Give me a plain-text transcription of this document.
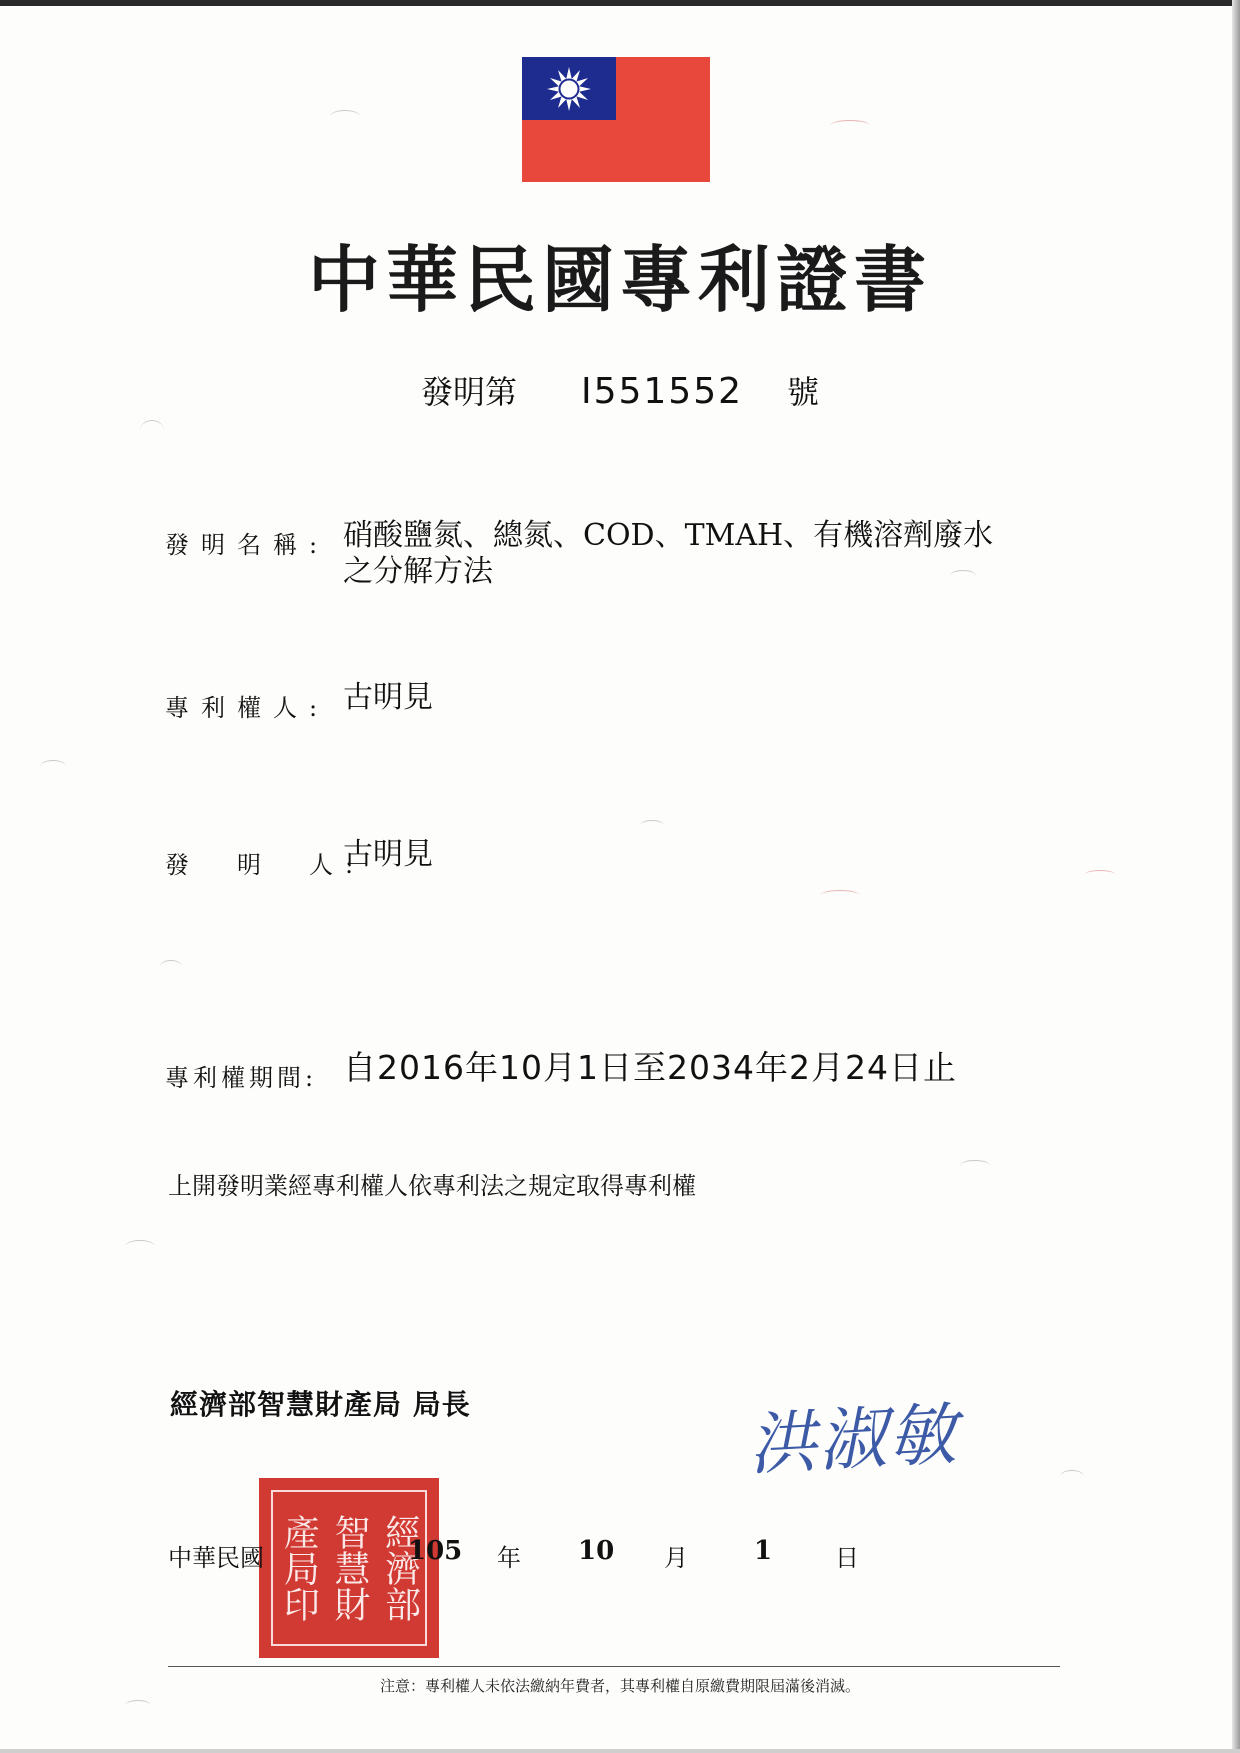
中華民國專利證書
發明第 I551552 號
發明名稱: 硝酸鹽氮、總氮、COD、TMAH、有機溶劑廢水
之分解方法
專利權人: 古明見
發　明　人:
古明見
專利權期間: 自2016年10月1日至2034年2月24日止
上開發明業經專利權人依專利法之規定取得專利權
經濟部智慧財產局 局長	洪淑敏
經濟部
智慧財
產局印
中華民國	105 年 10 月	1	日
注意：專利權人未依法繳納年費者，其專利權自原繳費期限屆滿後消滅。
